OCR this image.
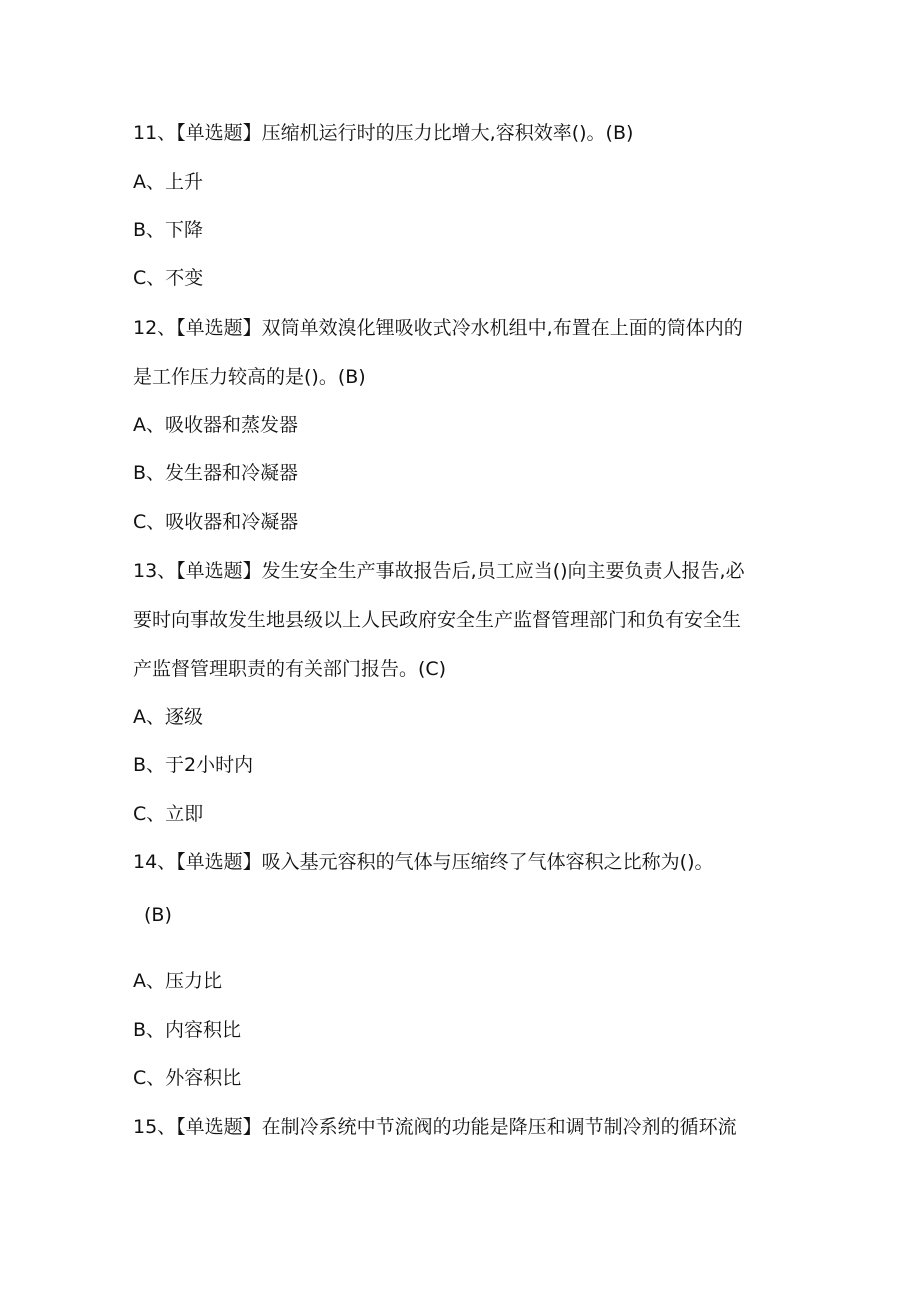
11、【单选题】压缩机运行时的压力比增大,容积效率()。(B)
A、上升
B、下降
C、不变
12、【单选题】双筒单效溴化锂吸收式冷水机组中,布置在上面的筒体内的
是工作压力较高的是()。(B)
A、吸收器和蒸发器
B、发生器和冷凝器
C、吸收器和冷凝器
13、【单选题】发生安全生产事故报告后,员工应当()向主要负责人报告,必
要时向事故发生地县级以上人民政府安全生产监督管理部门和负有安全生
产监督管理职责的有关部门报告。(C)
A、逐级
B、于2小时内
C、立即
14、【单选题】吸入基元容积的气体与压缩终了气体容积之比称为()。
(B)
A、压力比
B、内容积比
C、外容积比
15、【单选题】在制冷系统中节流阀的功能是降压和调节制冷剂的循环流
